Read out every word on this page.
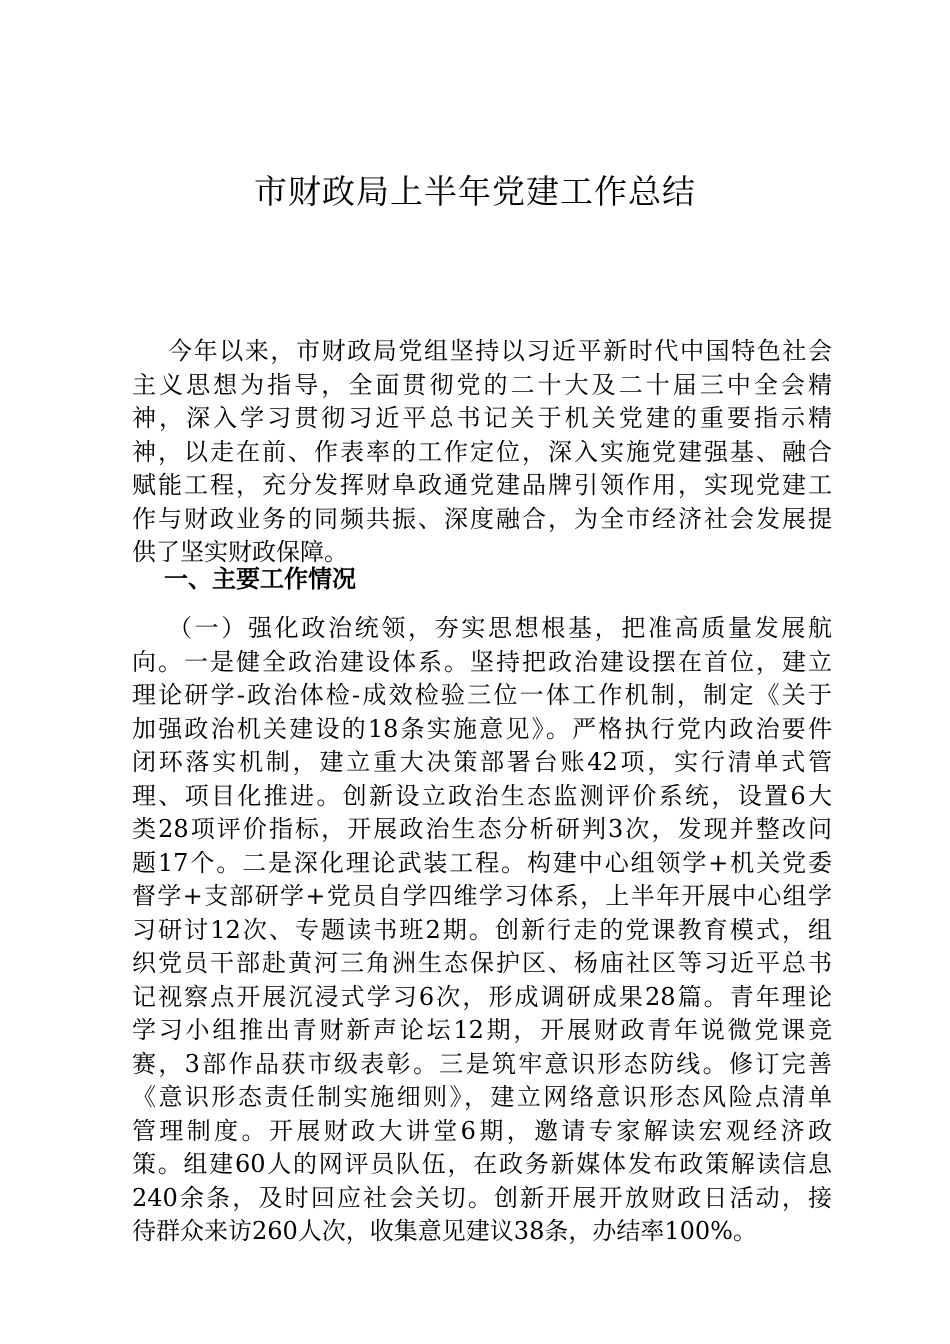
市财政局上半年党建工作总结
今年以来，市财政局党组坚持以习近平新时代中国特色社会
主义思想为指导，全面贯彻党的二十大及二十届三中全会精
神，深入学习贯彻习近平总书记关于机关党建的重要指示精
神，以走在前、作表率的工作定位，深入实施党建强基、融合
赋能工程，充分发挥财阜政通党建品牌引领作用，实现党建工
作与财政业务的同频共振、深度融合，为全市经济社会发展提
供了坚实财政保障。
一、主要工作情况
（一）强化政治统领，夯实思想根基，把准高质量发展航
向。一是健全政治建设体系。坚持把政治建设摆在首位，建立
理论研学-政治体检-成效检验三位一体工作机制，制定《关于
加强政治机关建设的18条实施意见》。严格执行党内政治要件
闭环落实机制，建立重大决策部署台账42项，实行清单式管
理、项目化推进。创新设立政治生态监测评价系统，设置6大
类28项评价指标，开展政治生态分析研判3次，发现并整改问
题17个。二是深化理论武装工程。构建中心组领学+机关党委
督学+支部研学+党员自学四维学习体系，上半年开展中心组学
习研讨12次、专题读书班2期。创新行走的党课教育模式，组
织党员干部赴黄河三角洲生态保护区、杨庙社区等习近平总书
记视察点开展沉浸式学习6次，形成调研成果28篇。青年理论
学习小组推出青财新声论坛12期，开展财政青年说微党课竞
赛，3部作品获市级表彰。三是筑牢意识形态防线。修订完善
《意识形态责任制实施细则》，建立网络意识形态风险点清单
管理制度。开展财政大讲堂6期，邀请专家解读宏观经济政
策。组建60人的网评员队伍，在政务新媒体发布政策解读信息
240余条，及时回应社会关切。创新开展开放财政日活动，接
待群众来访260人次，收集意见建议38条，办结率100%。
